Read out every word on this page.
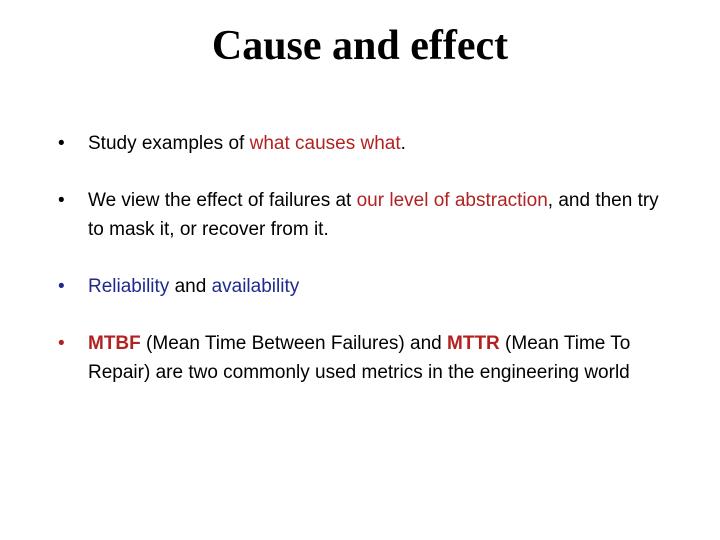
Cause and effect
•	Study examples of what causes what.
•	We view the effect of failures at our level of abstraction, and then try to mask it, or recover from it.
•	Reliability and availability
•	MTBF (Mean Time Between Failures) and MTTR (Mean Time To Repair) are two commonly used metrics in the engineering world
